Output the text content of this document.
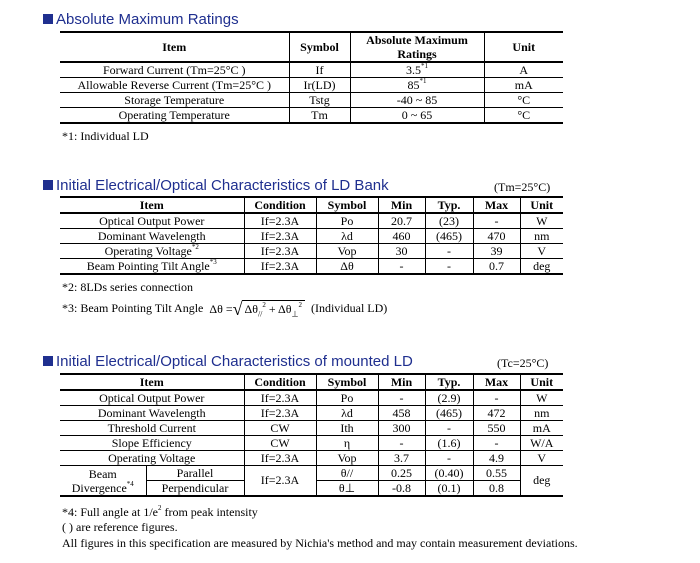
Absolute Maximum Ratings
Item	Symbol	Absolute Maximum Ratings	Unit
Forward Current (Tm=25°C )	If	3.5$^{*1}$	A
Allowable Reverse Current (Tm=25°C )	Ir(LD)	85$^{*1}$	mA
Storage Temperature	Tstg	-40 ~ 85	°C
Operating Temperature	Tm	0 ~ 65	°C
*1: Individual LD
Initial Electrical/Optical Characteristics of LD Bank	(Tm=25°C)
Item	Condition	Symbol	Min	Typ.	Max	Unit
Optical Output Power	If=2.3A	Po	20.7	(23)	-	W
Dominant Wavelength	If=2.3A	λd	460	(465)	470	nm
Operating Voltage$^{*2}$	If=2.3A	Vop	30	-	39	V
Beam Pointing Tilt Angle$^{*3}$	If=2.3A	Δθ	-	-	0.7	deg
*2: 8LDs series connection
*3: Beam Pointing Tilt Angle Δθ = √ $\Delta\theta_{//}^2 + \Delta\theta_\perp^2$ (Individual LD)
Initial Electrical/Optical Characteristics of mounted LD	(Tc=25°C)
Item		Condition	Symbol	Min	Typ.	Max	Unit
Optical Output Power		If=2.3A	Po	-	(2.9)	-	W
Dominant Wavelength		If=2.3A	λd	458	(465)	472	nm
Threshold Current		CW	Ith	300	-	550	mA
Slope Efficiency		CW	η	-	(1.6)	-	W/A
Operating Voltage		If=2.3A	Vop	3.7	-	4.9	V
Beam
Divergence$^{*4}$	Parallel	If=2.3A	θ//	0.25	(0.40)	0.55	deg
	Perpendicular		θ⊥	-0.8	(0.1)	0.8	
*4: Full angle at $1/e^2$ from peak intensity
( ) are reference figures.
All figures in this specification are measured by Nichia's method and may contain measurement deviations.
